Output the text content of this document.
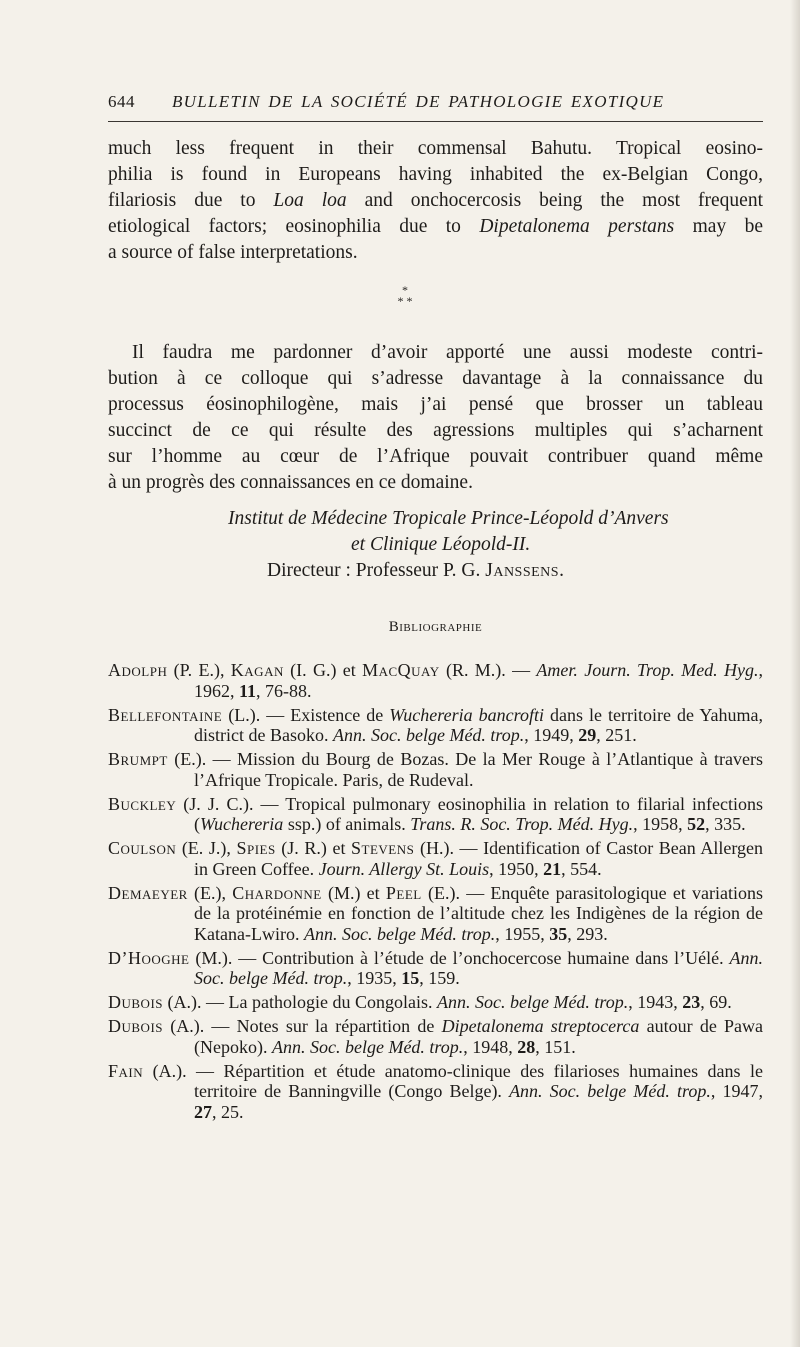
644 BULLETIN DE LA SOCIÉTÉ DE PATHOLOGIE EXOTIQUE

much less frequent in their commensal Bahutu. Tropical eosino-
philia is found in Europeans having inhabited the ex-Belgian Congo,
filariosis due to Loa loa and onchocercosis being the most frequent
etiological factors; eosinophilia due to Dipetalonema perstans may be
a source of false interpretations.

*
* *

Il faudra me pardonner d’avoir apporté une aussi modeste contri-
bution à ce colloque qui s’adresse davantage à la connaissance du
processus éosinophilogène, mais j’ai pensé que brosser un tableau
succinct de ce qui résulte des agressions multiples qui s’acharnent
sur l’homme au cœur de l’Afrique pouvait contribuer quand même
à un progrès des connaissances en ce domaine.

Institut de Médecine Tropicale Prince-Léopold d’Anvers
et Clinique Léopold-II.
Directeur : Professeur P. G. Janssens.
Bibliographie

Adolph (P. E.), Kagan (I. G.) et MacQuay (R. M.). — Amer. Journ. Trop. Med. Hyg., 1962, 11, 76-88.

Bellefontaine (L.). — Existence de Wuchereria bancrofti dans le territoire de Yahuma, district de Basoko. Ann. Soc. belge Méd. trop., 1949, 29, 251.

Brumpt (E.). — Mission du Bourg de Bozas. De la Mer Rouge à l’Atlantique à travers l’Afrique Tropicale. Paris, de Rudeval.

Buckley (J. J. C.). — Tropical pulmonary eosinophilia in relation to filarial infections (Wuchereria ssp.) of animals. Trans. R. Soc. Trop. Méd. Hyg., 1958, 52, 335.

Coulson (E. J.), Spies (J. R.) et Stevens (H.). — Identification of Castor Bean Allergen in Green Coffee. Journ. Allergy St. Louis, 1950, 21, 554.

Demaeyer (E.), Chardonne (M.) et Peel (E.). — Enquête parasitologique et variations de la protéinémie en fonction de l’altitude chez les Indigènes de la région de Katana-Lwiro. Ann. Soc. belge Méd. trop., 1955, 35, 293.

D’Hooghe (M.). — Contribution à l’étude de l’onchocercose humaine dans l’Uélé. Ann. Soc. belge Méd. trop., 1935, 15, 159.

Dubois (A.). — La pathologie du Congolais. Ann. Soc. belge Méd. trop., 1943, 23, 69.

Dubois (A.). — Notes sur la répartition de Dipetalonema streptocerca autour de Pawa (Nepoko). Ann. Soc. belge Méd. trop., 1948, 28, 151.

Fain (A.). — Répartition et étude anatomo-clinique des filarioses humaines dans le territoire de Banningville (Congo Belge). Ann. Soc. belge Méd. trop., 1947, 27, 25.
